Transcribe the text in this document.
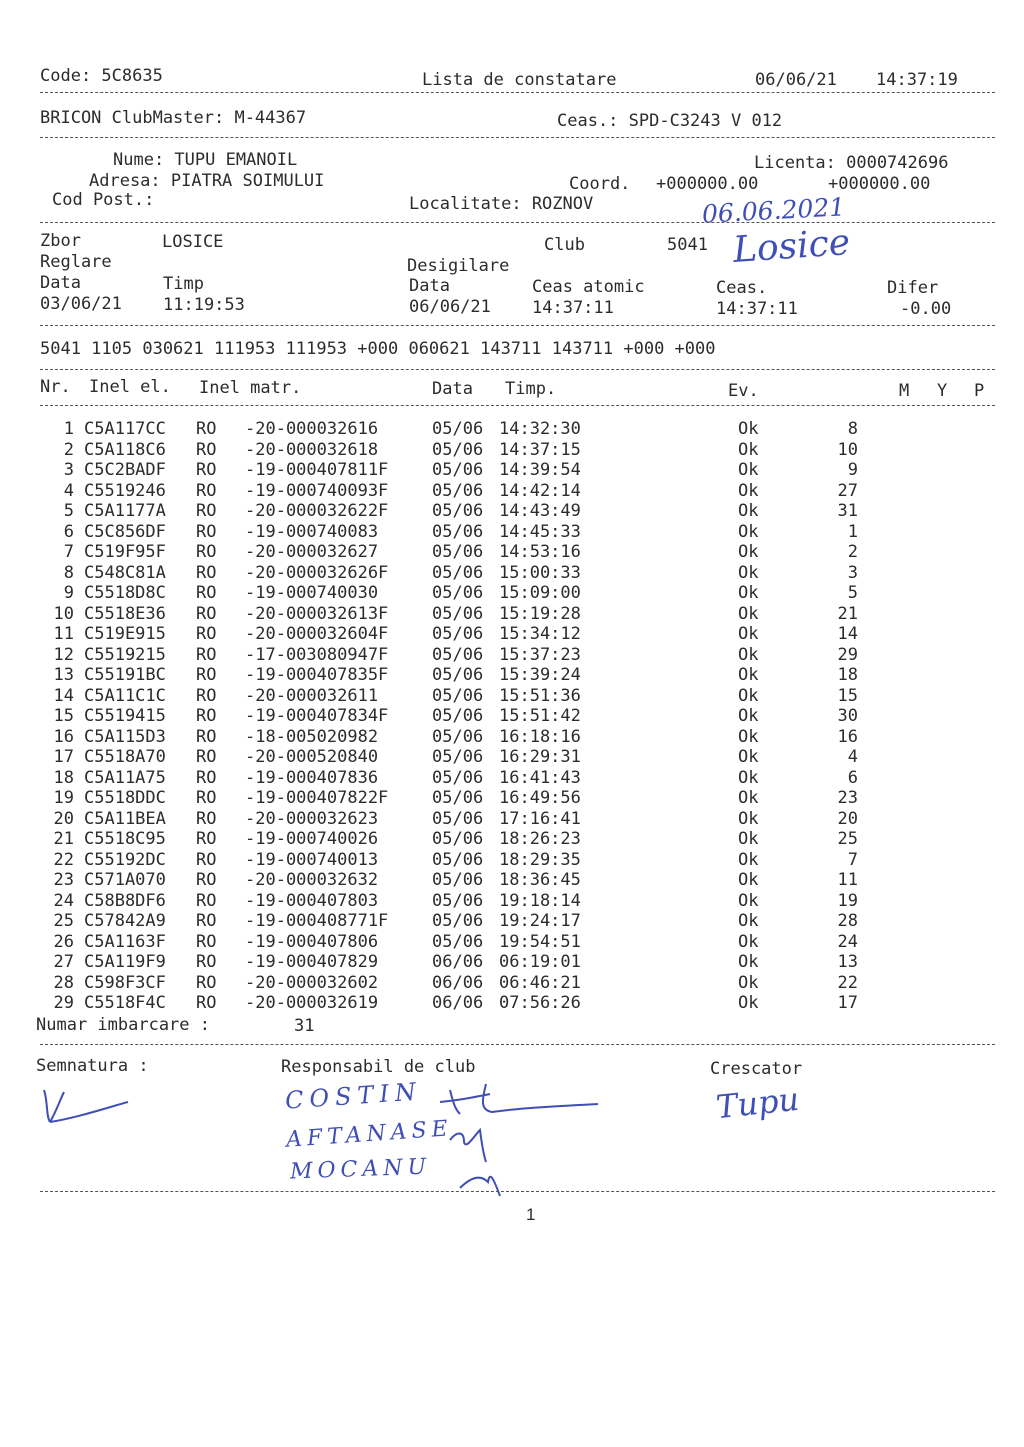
Code: 5C8635	Lista de constatare	06/06/21 14:37:19
BRICON ClubMaster: M-44367	Ceas.: SPD-C3243 V 012
Nume: TUPU EMANOIL
Adresa: PIATRA SOIMULUI
Cod Post.:
Licenta: 0000742696
Coord. +000000.00	+000000.00
Localitate: ROZNOV	06.06.2021
Zbor	LOSICE	Club	5041 Losice
Reglare	Desigilare
Data	Timp	Data	Ceas atomic	Ceas.	Difer
03/06/21 11:19:53	06/06/21 14:37:11	14:37:11	-0.00
5041 1105 030621 111953 111953 +000 060621 143711 143711 +000 +000
Nr. Inel el. Inel matr.	Data Timp.	Ev.	M Y P
1 C5A117CC RO -20-000032616	05/06 14:32:30	Ok	8
2 C5A118C6 RO -20-000032618	05/06 14:37:15	Ok	10
3 C5C2BADF RO -19-000407811F	05/06 14:39:54	Ok	9
4 C5519246 RO -19-000740093F	05/06 14:42:14	Ok	27
5 C5A1177A RO -20-000032622F	05/06 14:43:49	Ok	31
6 C5C856DF RO -19-000740083	05/06 14:45:33	Ok	1
7 C519F95F RO -20-000032627	05/06 14:53:16	Ok	2
8 C548C81A RO -20-000032626F	05/06 15:00:33	Ok	3
9 C5518D8C RO -19-000740030	05/06 15:09:00	Ok	5
10 C5518E36 RO -20-000032613F	05/06 15:19:28	Ok	21
11 C519E915 RO -20-000032604F	05/06 15:34:12	Ok	14
12 C5519215 RO -17-003080947F	05/06 15:37:23	Ok	29
13 C55191BC RO -19-000407835F	05/06 15:39:24	Ok	18
14 C5A11C1C RO -20-000032611	05/06 15:51:36	Ok	15
15 C5519415 RO -19-000407834F	05/06 15:51:42	Ok	30
16 C5A115D3 RO -18-005020982	05/06 16:18:16	Ok	16
17 C5518A70 RO -20-000520840	05/06 16:29:31	Ok	4
18 C5A11A75 RO -19-000407836	05/06 16:41:43	Ok	6
19 C5518DDC RO -19-000407822F	05/06 16:49:56	Ok	23
20 C5A11BEA RO -20-000032623	05/06 17:16:41	Ok	20
21 C5518C95 RO -19-000740026	05/06 18:26:23	Ok	25
22 C55192DC RO -19-000740013	05/06 18:29:35	Ok	7
23 C571A070 RO -20-000032632	05/06 18:36:45	Ok	11
24 C58B8DF6 RO -19-000407803	05/06 19:18:14	Ok	19
25 C57842A9 RO -19-000408771F	05/06 19:24:17	Ok	28
26 C5A1163F RO -19-000407806	05/06 19:54:51	Ok	24
27 C5A119F9 RO -19-000407829	06/06 06:19:01	Ok	13
28 C598F3CF RO -20-000032602	06/06 06:46:21	Ok	22
29 C5518F4C RO -20-000032619	06/06 07:56:26	Ok	17
Numar imbarcare :	31
Semnatura :	Responsabil de club	Crescator
COSTIN
AFTANASE
MOCANU
Tupu
1
